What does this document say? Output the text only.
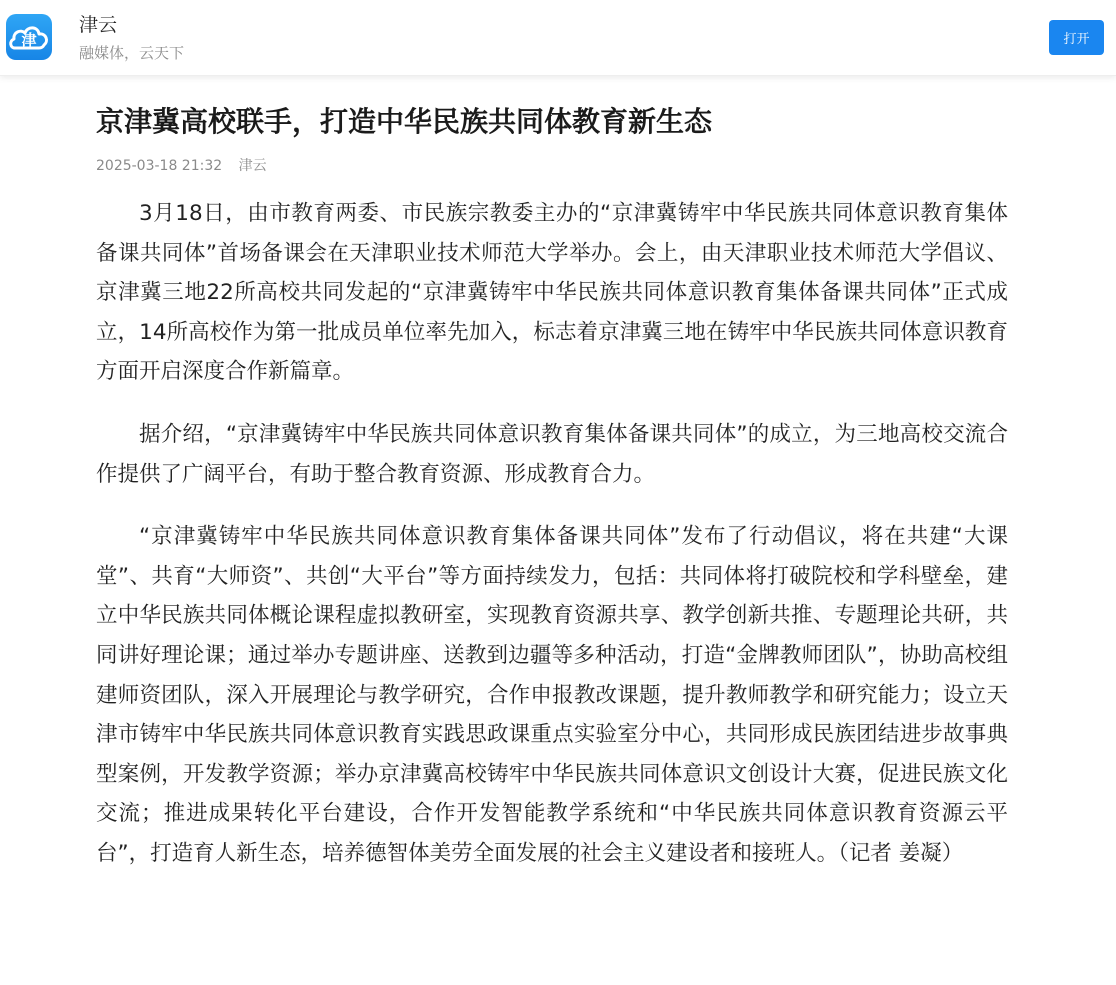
津
津云
融媒体，云天下
打开
京津冀高校联手，打造中华民族共同体教育新生态
2025-03-18 21:32 津云

3月18日，由市教育两委、市民族宗教委主办的“京津冀铸牢中华民族共同体意识教育集体备课共同体”首场备课会在天津职业技术师范大学举办。会上，由天津职业技术师范大学倡议、京津冀三地22所高校共同发起的“京津冀铸牢中华民族共同体意识教育集体备课共同体”正式成立，14所高校作为第一批成员单位率先加入，标志着京津冀三地在铸牢中华民族共同体意识教育方面开启深度合作新篇章。

据介绍，“京津冀铸牢中华民族共同体意识教育集体备课共同体”的成立，为三地高校交流合作提供了广阔平台，有助于整合教育资源、形成教育合力。

“京津冀铸牢中华民族共同体意识教育集体备课共同体”发布了行动倡议，将在共建“大课堂”、共育“大师资”、共创“大平台”等方面持续发力，包括：共同体将打破院校和学科壁垒，建立中华民族共同体概论课程虚拟教研室，实现教育资源共享、教学创新共推、专题理论共研，共同讲好理论课；通过举办专题讲座、送教到边疆等多种活动，打造“金牌教师团队”，协助高校组建师资团队，深入开展理论与教学研究，合作申报教改课题，提升教师教学和研究能力；设立天津市铸牢中华民族共同体意识教育实践思政课重点实验室分中心，共同形成民族团结进步故事典型案例，开发教学资源；举办京津冀高校铸牢中华民族共同体意识文创设计大赛，促进民族文化交流；推进成果转化平台建设，合作开发智能教学系统和“中华民族共同体意识教育资源云平台”，打造育人新生态，培养德智体美劳全面发展的社会主义建设者和接班人。（记者 姜凝）
